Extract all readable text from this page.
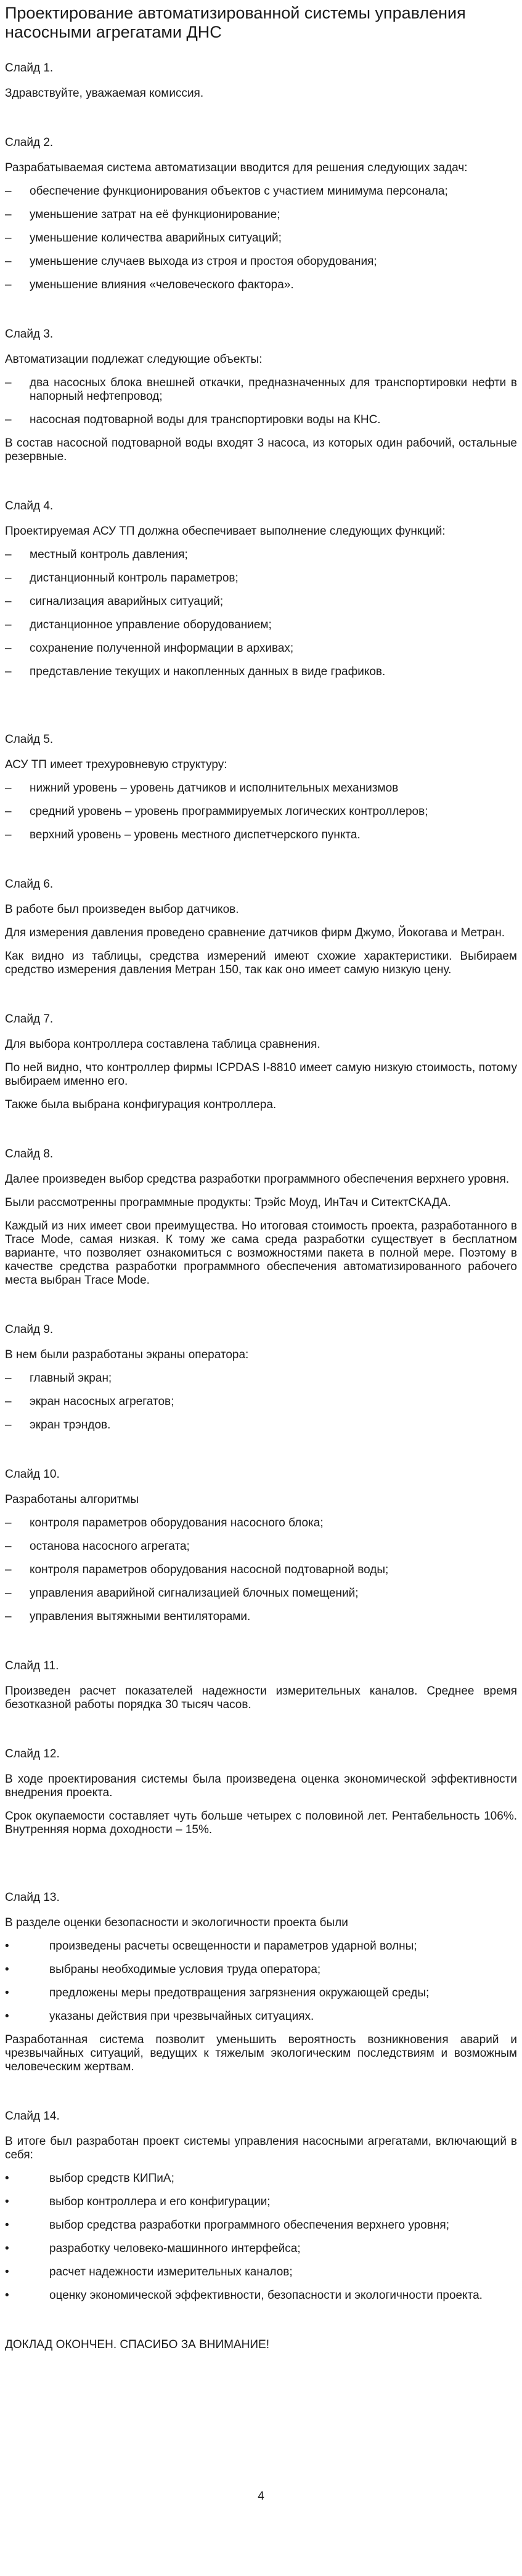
Проектирование автоматизированной системы управления насосными агрегатами ДНС
Слайд 1.

Здравствуйте, уважаемая комиссия.

Слайд 2.

Разрабатываемая система автоматизации вводится для решения следующих задач:

–	обеспечение функционирования объектов с участием минимума персонала;
–	уменьшение затрат на её функционирование;
–	уменьшение количества аварийных ситуаций;
–	уменьшение случаев выхода из строя и простоя оборудования;
–	уменьшение влияния «человеческого фактора».
Слайд 3.

Автоматизации подлежат следующие объекты:

–	два насосных блока внешней откачки, предназначенных для транспортировки нефти в напорный нефтепровод;
–	насосная подтоварной воды для транспортировки воды на КНС.

В состав насосной подтоварной воды входят 3 насоса, из которых один рабочий, остальные резервные.

Слайд 4.

Проектируемая АСУ ТП должна обеспечивает выполнение следующих функций:

–	местный контроль давления;
–	дистанционный контроль параметров;
–	сигнализация аварийных ситуаций;
–	дистанционное управление оборудованием;
–	сохранение полученной информации в архивах;
–	представление текущих и накопленных данных в виде графиков.
Слайд 5.

АСУ ТП имеет трехуровневую структуру:

–	нижний уровень – уровень датчиков и исполнительных механизмов
–	средний уровень – уровень программируемых логических контроллеров;
–	верхний уровень – уровень местного диспетчерского пункта.
Слайд 6.

В работе был произведен выбор датчиков.

Для измерения давления проведено сравнение датчиков фирм Джумо, Йокогава и Метран.

Как видно из таблицы, средства измерений имеют схожие характеристики. Выбираем средство измерения давления Метран 150, так как оно имеет самую низкую цену.

Слайд 7.

Для выбора контроллера составлена таблица сравнения.

По ней видно, что контроллер фирмы ICPDAS I-8810 имеет самую низкую стоимость, потому выбираем именно его.

Также была выбрана конфигурация контроллера.

Слайд 8.

Далее произведен выбор средства разработки программного обеспечения верхнего уровня.

Были рассмотренны программные продукты: Трэйс Моуд, ИнТач и СитектСКАДА.

Каждый из них имеет свои преимущества. Но итоговая стоимость проекта, разработанного в Trace Mode, самая низкая. К тому же сама среда разработки существует в бесплатном варианте, что позволяет ознакомиться с возможностями пакета в полной мере. Поэтому в качестве средства разработки программного обеспечения автоматизированного рабочего места выбран Trace Mode.

Слайд 9.

В нем были разработаны экраны оператора:

–	главный экран;
–	экран насосных агрегатов;
–	экран трэндов.
Слайд 10.

Разработаны алгоритмы

–	контроля параметров оборудования насосного блока;
–	останова насосного агрегата;
–	контроля параметров оборудования насосной подтоварной воды;
–	управления аварийной сигнализацией блочных помещений;
–	управления вытяжными вентиляторами.
Слайд 11.

Произведен расчет показателей надежности измерительных каналов. Среднее время безотказной работы порядка 30 тысяч часов.

Слайд 12.

В ходе проектирования системы была произведена оценка экономической эффективности внедрения проекта.

Срок окупаемости составляет чуть больше четырех с половиной лет. Рентабельность 106%. Внутренняя норма доходности – 15%.

Слайд 13.

В разделе оценки безопасности и экологичности проекта были

•	произведены расчеты освещенности и параметров ударной волны;
•	выбраны необходимые условия труда оператора;
•	предложены меры предотвращения загрязнения окружающей среды;
•	указаны действия при чрезвычайных ситуациях.

Разработанная система позволит уменьшить вероятность возникновения аварий и чрезвычайных ситуаций, ведущих к тяжелым экологическим последствиям и возможным человеческим жертвам.

Слайд 14.

В итоге был разработан проект системы управления насосными агрегатами, включающий в себя:

•	выбор средств КИПиА;
•	выбор контроллера и его конфигурации;
•	выбор средства разработки программного обеспечения верхнего уровня;
•	разработку человеко-машинного интерфейса;
•	расчет надежности измерительных каналов;
•	оценку экономической эффективности, безопасности и экологичности проекта.

ДОКЛАД ОКОНЧЕН. СПАСИБО ЗА ВНИМАНИЕ!

4
